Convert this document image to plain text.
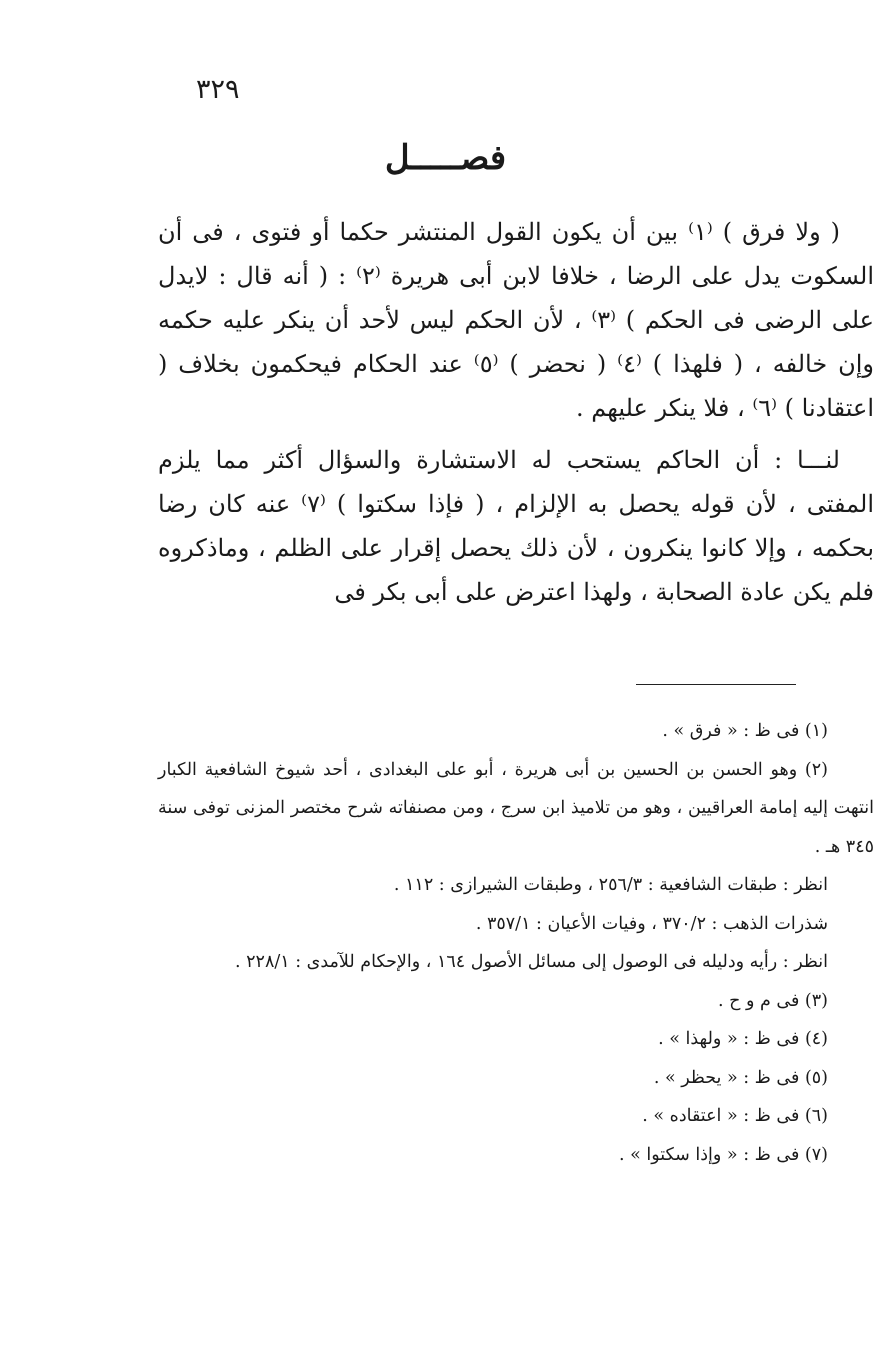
٣٢٩
فصـــــل

( ولا فرق ) ⁽١⁾ بين أن يكون القول المنتشر حكما أو فتوى ، فى أن السكوت يدل على الرضا ، خلافا لابن أبى هريرة ⁽٢⁾ : ( أنه قال : لايدل على الرضى فى الحكم ) ⁽٣⁾ ، لأن الحكم ليس لأحد أن ينكر عليه حكمه وإن خالفه ، ( فلهذا ) ⁽٤⁾ ( نحضر ) ⁽٥⁾ عند الحكام فيحكمون بخلاف ( اعتقادنا ) ⁽٦⁾ ، فلا ينكر عليهم .

لنـــا : أن الحاكم يستحب له الاستشارة والسؤال أكثر مما يلزم المفتى ، لأن قوله يحصل به الإلزام ، ( فإذا سكتوا ) ⁽٧⁾ عنه كان رضا بحكمه ، وإلا كانوا ينكرون ، لأن ذلك يحصل إقرار على الظلم ، وماذكروه فلم يكن عادة الصحابة ، ولهذا اعترض على أبى بكر فى

(١) فى ظ : « فرق » .

(٢) وهو الحسن بن الحسين بن أبى هريرة ، أبو على البغدادى ، أحد شيوخ الشافعية الكبار انتهت إليه إمامة العراقيين ، وهو من تلاميذ ابن سرج ، ومن مصنفاته شرح مختصر المزنى توفى سنة ٣٤٥ هـ .

انظر : طبقات الشافعية : ٢٥٦/٣ ، وطبقات الشيرازى : ١١٢ .

شذرات الذهب : ٣٧٠/٢ ، وفيات الأعيان : ٣٥٧/١ .

انظر : رأيه ودليله فى الوصول إلى مسائل الأصول ١٦٤ ، والإحكام للآمدى : ٢٢٨/١ .

(٣) فى م و ح .

(٤) فى ظ : « ولهذا » .

(٥) فى ظ : « يحظر » .

(٦) فى ظ : « اعتقاده » .

(٧) فى ظ : « وإذا سكتوا » .
